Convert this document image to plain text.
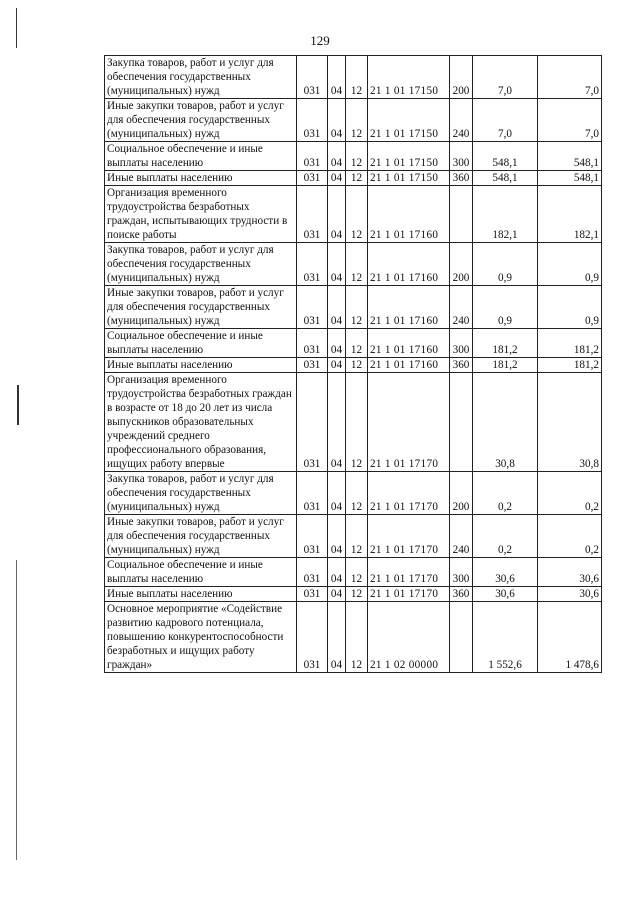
129
Закупка товаров, работ и услуг для обеспечения государственных (муниципальных) нужд	031	04	12	21 1 01 17150	200	7,0	7,0
Иные закупки товаров, работ и услуг для обеспечения государственных (муниципальных) нужд	031	04	12	21 1 01 17150	240	7,0	7,0
Социальное обеспечение и иные выплаты населению	031	04	12	21 1 01 17150	300	548,1	548,1
Иные выплаты населению	031	04	12	21 1 01 17150	360	548,1	548,1
Организация временного трудоустройства безработных граждан, испытывающих трудности в поиске работы	031	04	12	21 1 01 17160		182,1	182,1
Закупка товаров, работ и услуг для обеспечения государственных (муниципальных) нужд	031	04	12	21 1 01 17160	200	0,9	0,9
Иные закупки товаров, работ и услуг для обеспечения государственных (муниципальных) нужд	031	04	12	21 1 01 17160	240	0,9	0,9
Социальное обеспечение и иные выплаты населению	031	04	12	21 1 01 17160	300	181,2	181,2
Иные выплаты населению	031	04	12	21 1 01 17160	360	181,2	181,2
Организация временного трудоустройства безработных граждан в возрасте от 18 до 20 лет из числа выпускников образовательных учреждений среднего профессионального образования, ищущих работу впервые	031	04	12	21 1 01 17170		30,8	30,8
Закупка товаров, работ и услуг для обеспечения государственных (муниципальных) нужд	031	04	12	21 1 01 17170	200	0,2	0,2
Иные закупки товаров, работ и услуг для обеспечения государственных (муниципальных) нужд	031	04	12	21 1 01 17170	240	0,2	0,2
Социальное обеспечение и иные выплаты населению	031	04	12	21 1 01 17170	300	30,6	30,6
Иные выплаты населению	031	04	12	21 1 01 17170	360	30,6	30,6
Основное мероприятие «Содействие развитию кадрового потенциала, повышению конкурентоспособности безработных и ищущих работу граждан»	031	04	12	21 1 02 00000		1 552,6	1 478,6
